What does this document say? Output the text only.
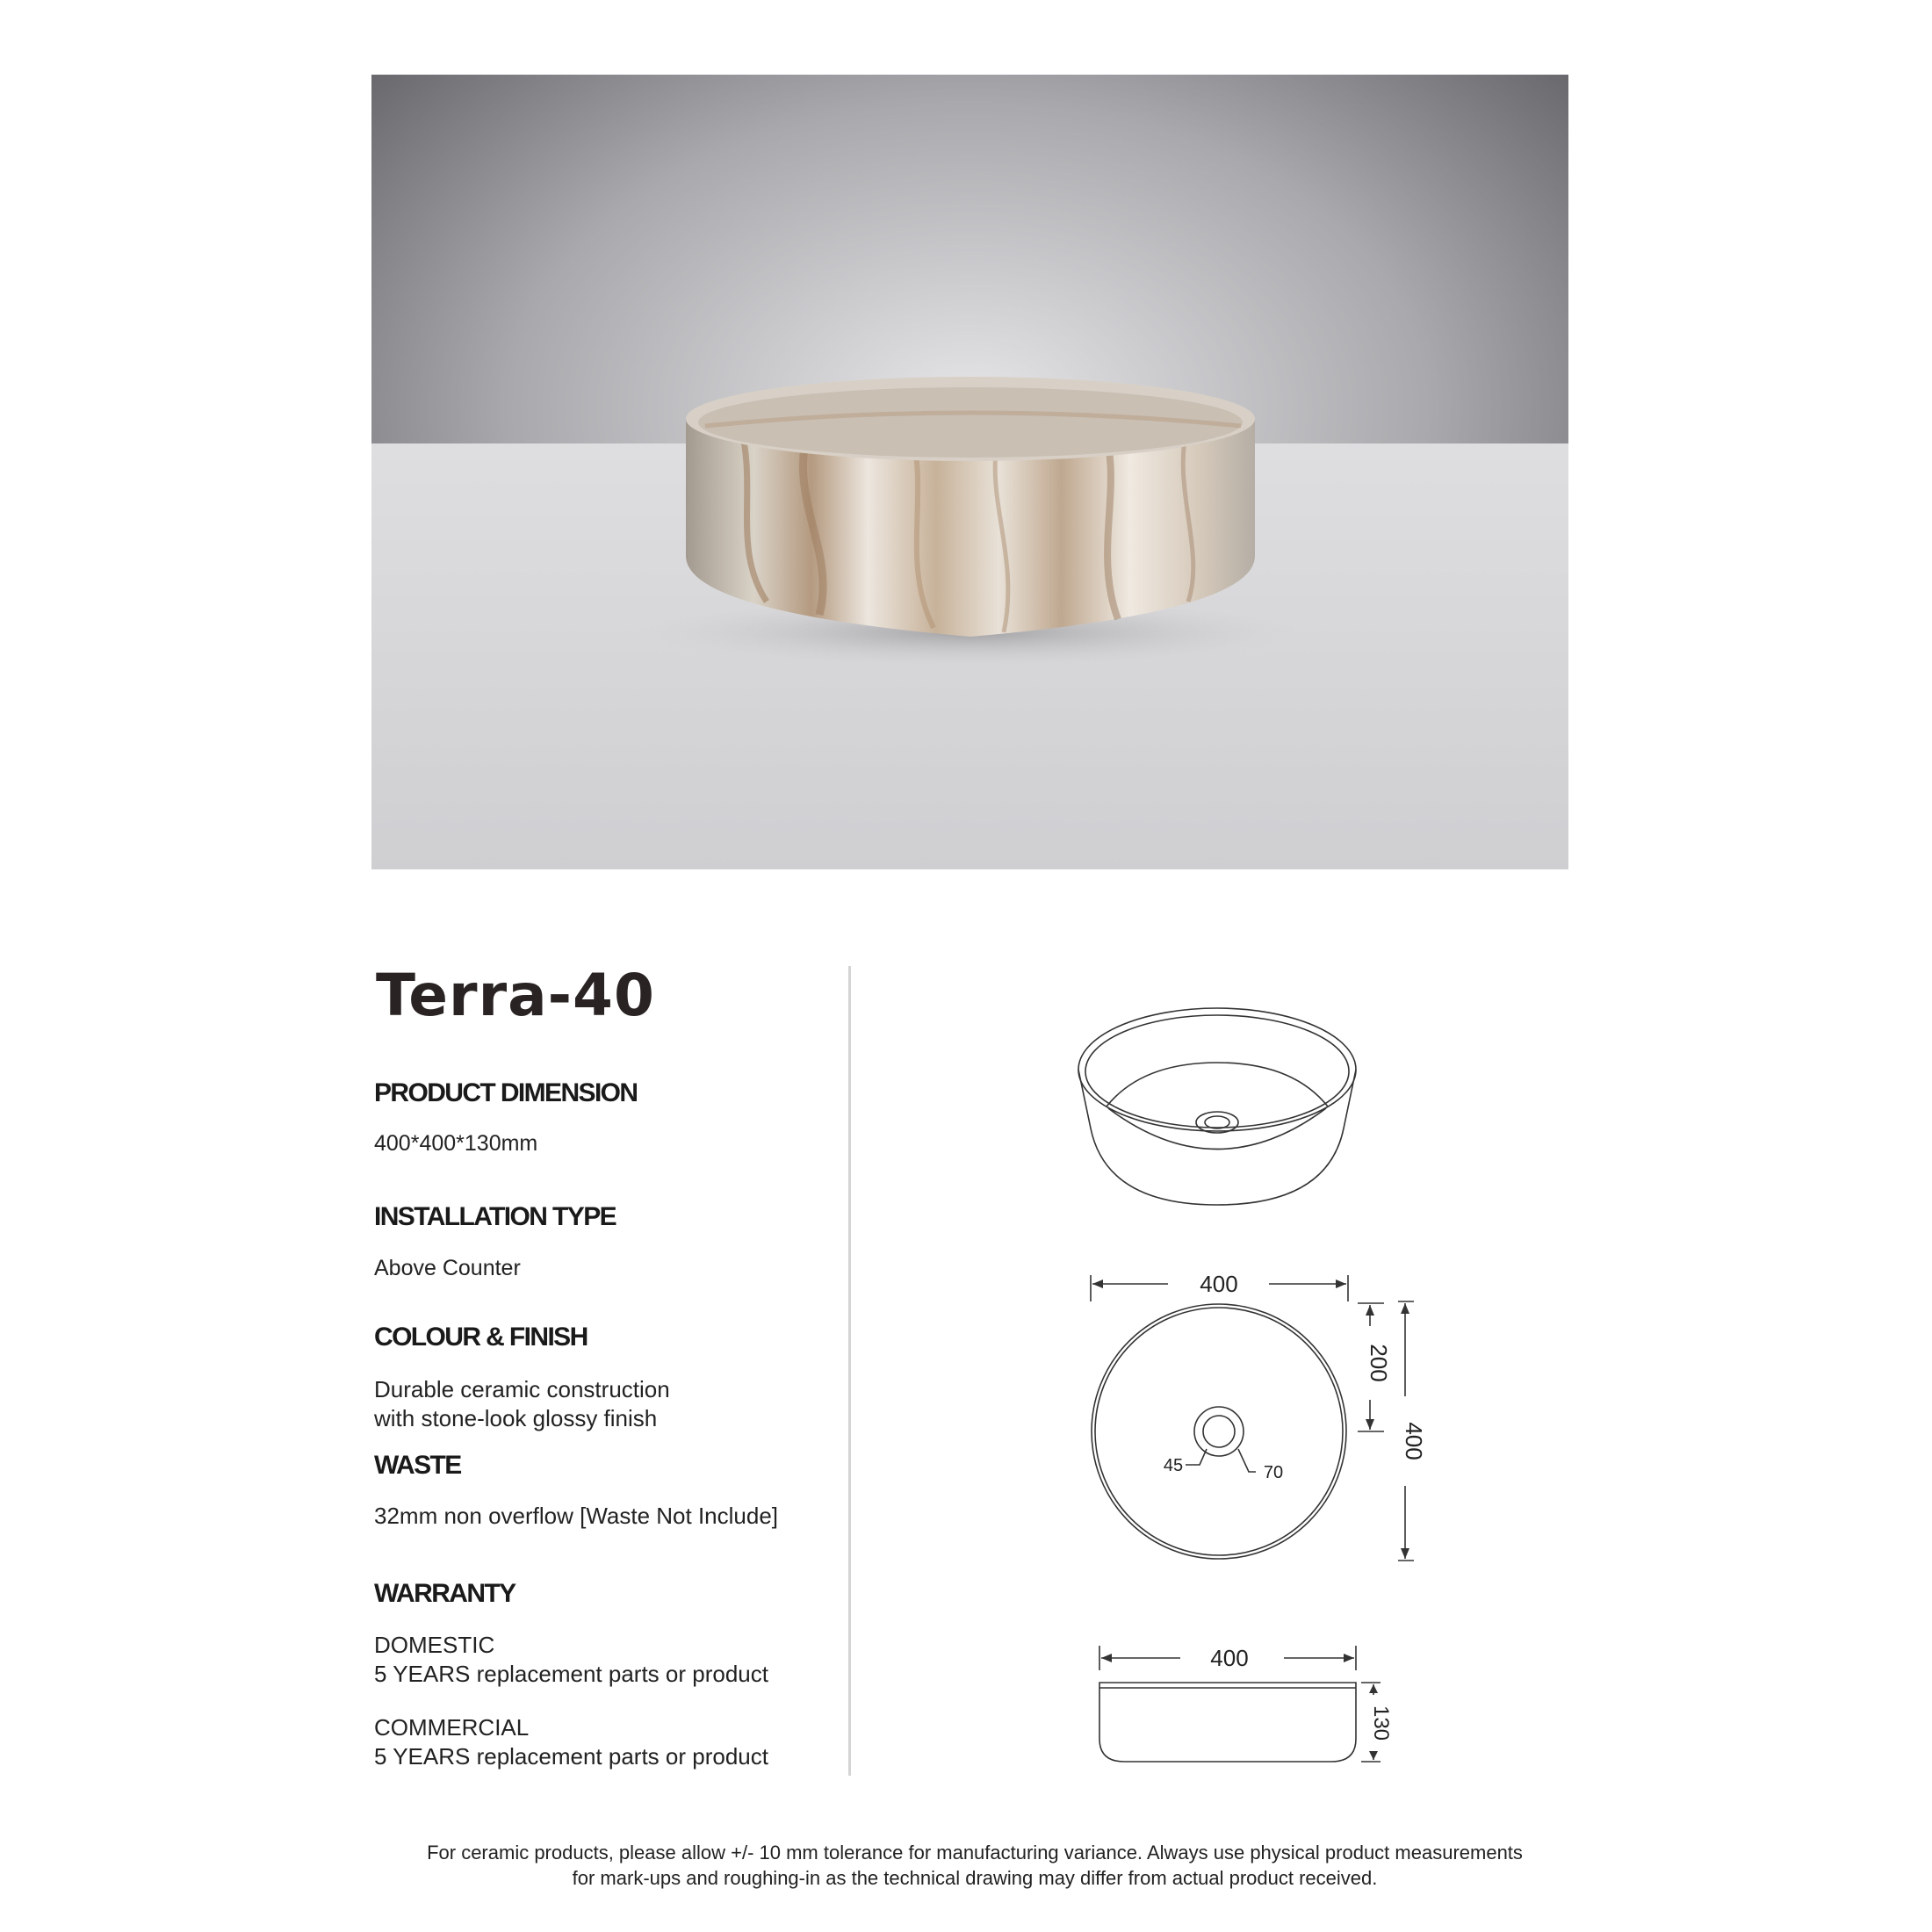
Terra-40
PRODUCT DIMENSION

400*400*130mm

INSTALLATION TYPE

Above Counter

COLOUR & FINISH

Durable ceramic construction
with stone-look glossy finish

WASTE

32mm non overflow [Waste Not Include]

WARRANTY

DOMESTIC
5 YEARS replacement parts or product

COMMERCIAL
5 YEARS replacement parts or product

400
200
400
45	70
400
130

For ceramic products, please allow +/- 10 mm tolerance for manufacturing variance. Always use physical product measurements
for mark-ups and roughing-in as the technical drawing may differ from actual product received.
